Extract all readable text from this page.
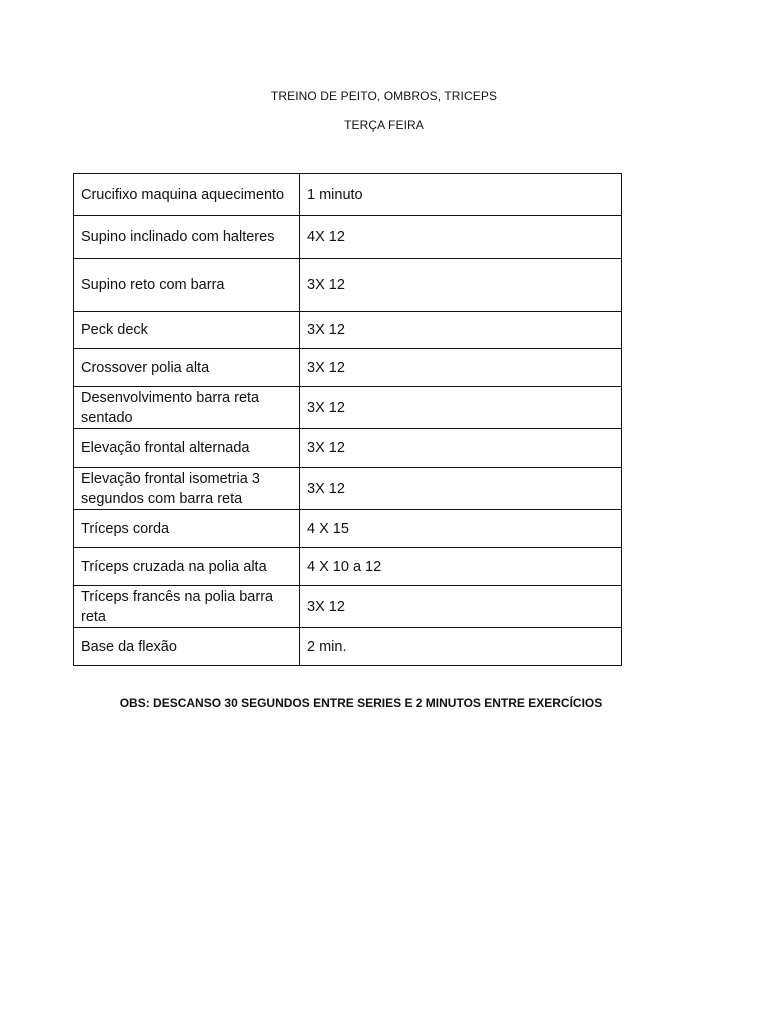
TREINO DE PEITO, OMBROS, TRICEPS
TERÇA FEIRA
Crucifixo maquina aquecimento	1 minuto
Supino inclinado com halteres	4X 12
Supino reto com barra	3X 12
Peck deck	3X 12
Crossover polia alta	3X 12
Desenvolvimento barra reta sentado	3X 12
Elevação frontal alternada	3X 12
Elevação frontal isometria 3 segundos com barra reta	3X 12
Tríceps corda	4 X 15
Tríceps cruzada na polia alta	4 X 10 a 12
Tríceps francês na polia barra reta	3X 12
Base da flexão	2 min.
OBS: DESCANSO 30 SEGUNDOS ENTRE SERIES E 2 MINUTOS ENTRE EXERCÍCIOS
